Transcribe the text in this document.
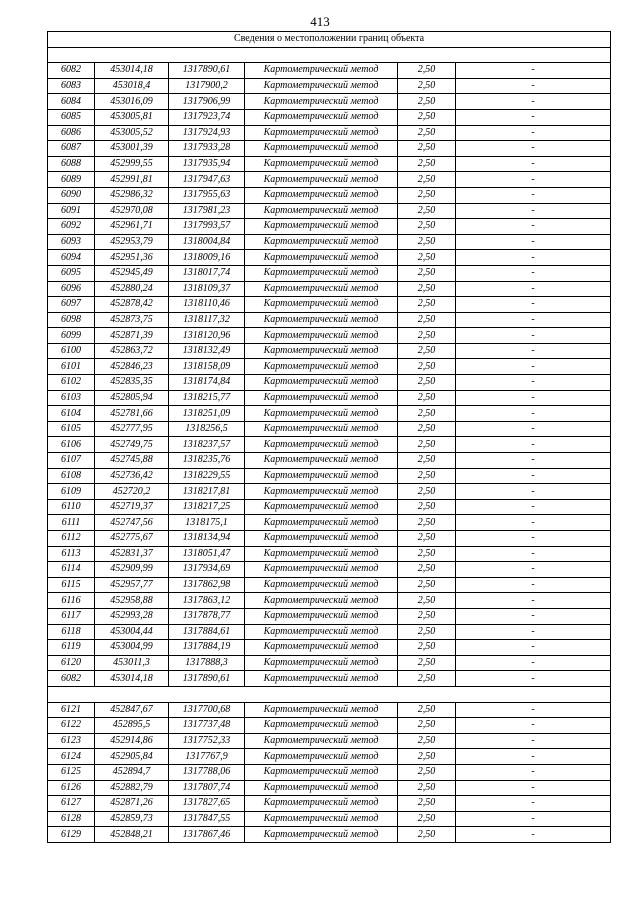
413
Сведения о местоположении границ объекта					

6082	453014,18	1317890,61	Картометрический метод	2,50	-
6083	453018,4	1317900,2	Картометрический метод	2,50	-
6084	453016,09	1317906,99	Картометрический метод	2,50	-
6085	453005,81	1317923,74	Картометрический метод	2,50	-
6086	453005,52	1317924,93	Картометрический метод	2,50	-
6087	453001,39	1317933,28	Картометрический метод	2,50	-
6088	452999,55	1317935,94	Картометрический метод	2,50	-
6089	452991,81	1317947,63	Картометрический метод	2,50	-
6090	452986,32	1317955,63	Картометрический метод	2,50	-
6091	452970,08	1317981,23	Картометрический метод	2,50	-
6092	452961,71	1317993,57	Картометрический метод	2,50	-
6093	452953,79	1318004,84	Картометрический метод	2,50	-
6094	452951,36	1318009,16	Картометрический метод	2,50	-
6095	452945,49	1318017,74	Картометрический метод	2,50	-
6096	452880,24	1318109,37	Картометрический метод	2,50	-
6097	452878,42	1318110,46	Картометрический метод	2,50	-
6098	452873,75	1318117,32	Картометрический метод	2,50	-
6099	452871,39	1318120,96	Картометрический метод	2,50	-
6100	452863,72	1318132,49	Картометрический метод	2,50	-
6101	452846,23	1318158,09	Картометрический метод	2,50	-
6102	452835,35	1318174,84	Картометрический метод	2,50	-
6103	452805,94	1318215,77	Картометрический метод	2,50	-
6104	452781,66	1318251,09	Картометрический метод	2,50	-
6105	452777,95	1318256,5	Картометрический метод	2,50	-
6106	452749,75	1318237,57	Картометрический метод	2,50	-
6107	452745,88	1318235,76	Картометрический метод	2,50	-
6108	452736,42	1318229,55	Картометрический метод	2,50	-
6109	452720,2	1318217,81	Картометрический метод	2,50	-
6110	452719,37	1318217,25	Картометрический метод	2,50	-
6111	452747,56	1318175,1	Картометрический метод	2,50	-
6112	452775,67	1318134,94	Картометрический метод	2,50	-
6113	452831,37	1318051,47	Картометрический метод	2,50	-
6114	452909,99	1317934,69	Картометрический метод	2,50	-
6115	452957,77	1317862,98	Картометрический метод	2,50	-
6116	452958,88	1317863,12	Картометрический метод	2,50	-
6117	452993,28	1317878,77	Картометрический метод	2,50	-
6118	453004,44	1317884,61	Картометрический метод	2,50	-
6119	453004,99	1317884,19	Картометрический метод	2,50	-
6120	453011,3	1317888,3	Картометрический метод	2,50	-
6082	453014,18	1317890,61	Картометрический метод	2,50	-

6121	452847,67	1317700,68	Картометрический метод	2,50	-
6122	452895,5	1317737,48	Картометрический метод	2,50	-
6123	452914,86	1317752,33	Картометрический метод	2,50	-
6124	452905,84	1317767,9	Картометрический метод	2,50	-
6125	452894,7	1317788,06	Картометрический метод	2,50	-
6126	452882,79	1317807,74	Картометрический метод	2,50	-
6127	452871,26	1317827,65	Картометрический метод	2,50	-
6128	452859,73	1317847,55	Картометрический метод	2,50	-
6129	452848,21	1317867,46	Картометрический метод	2,50	-
